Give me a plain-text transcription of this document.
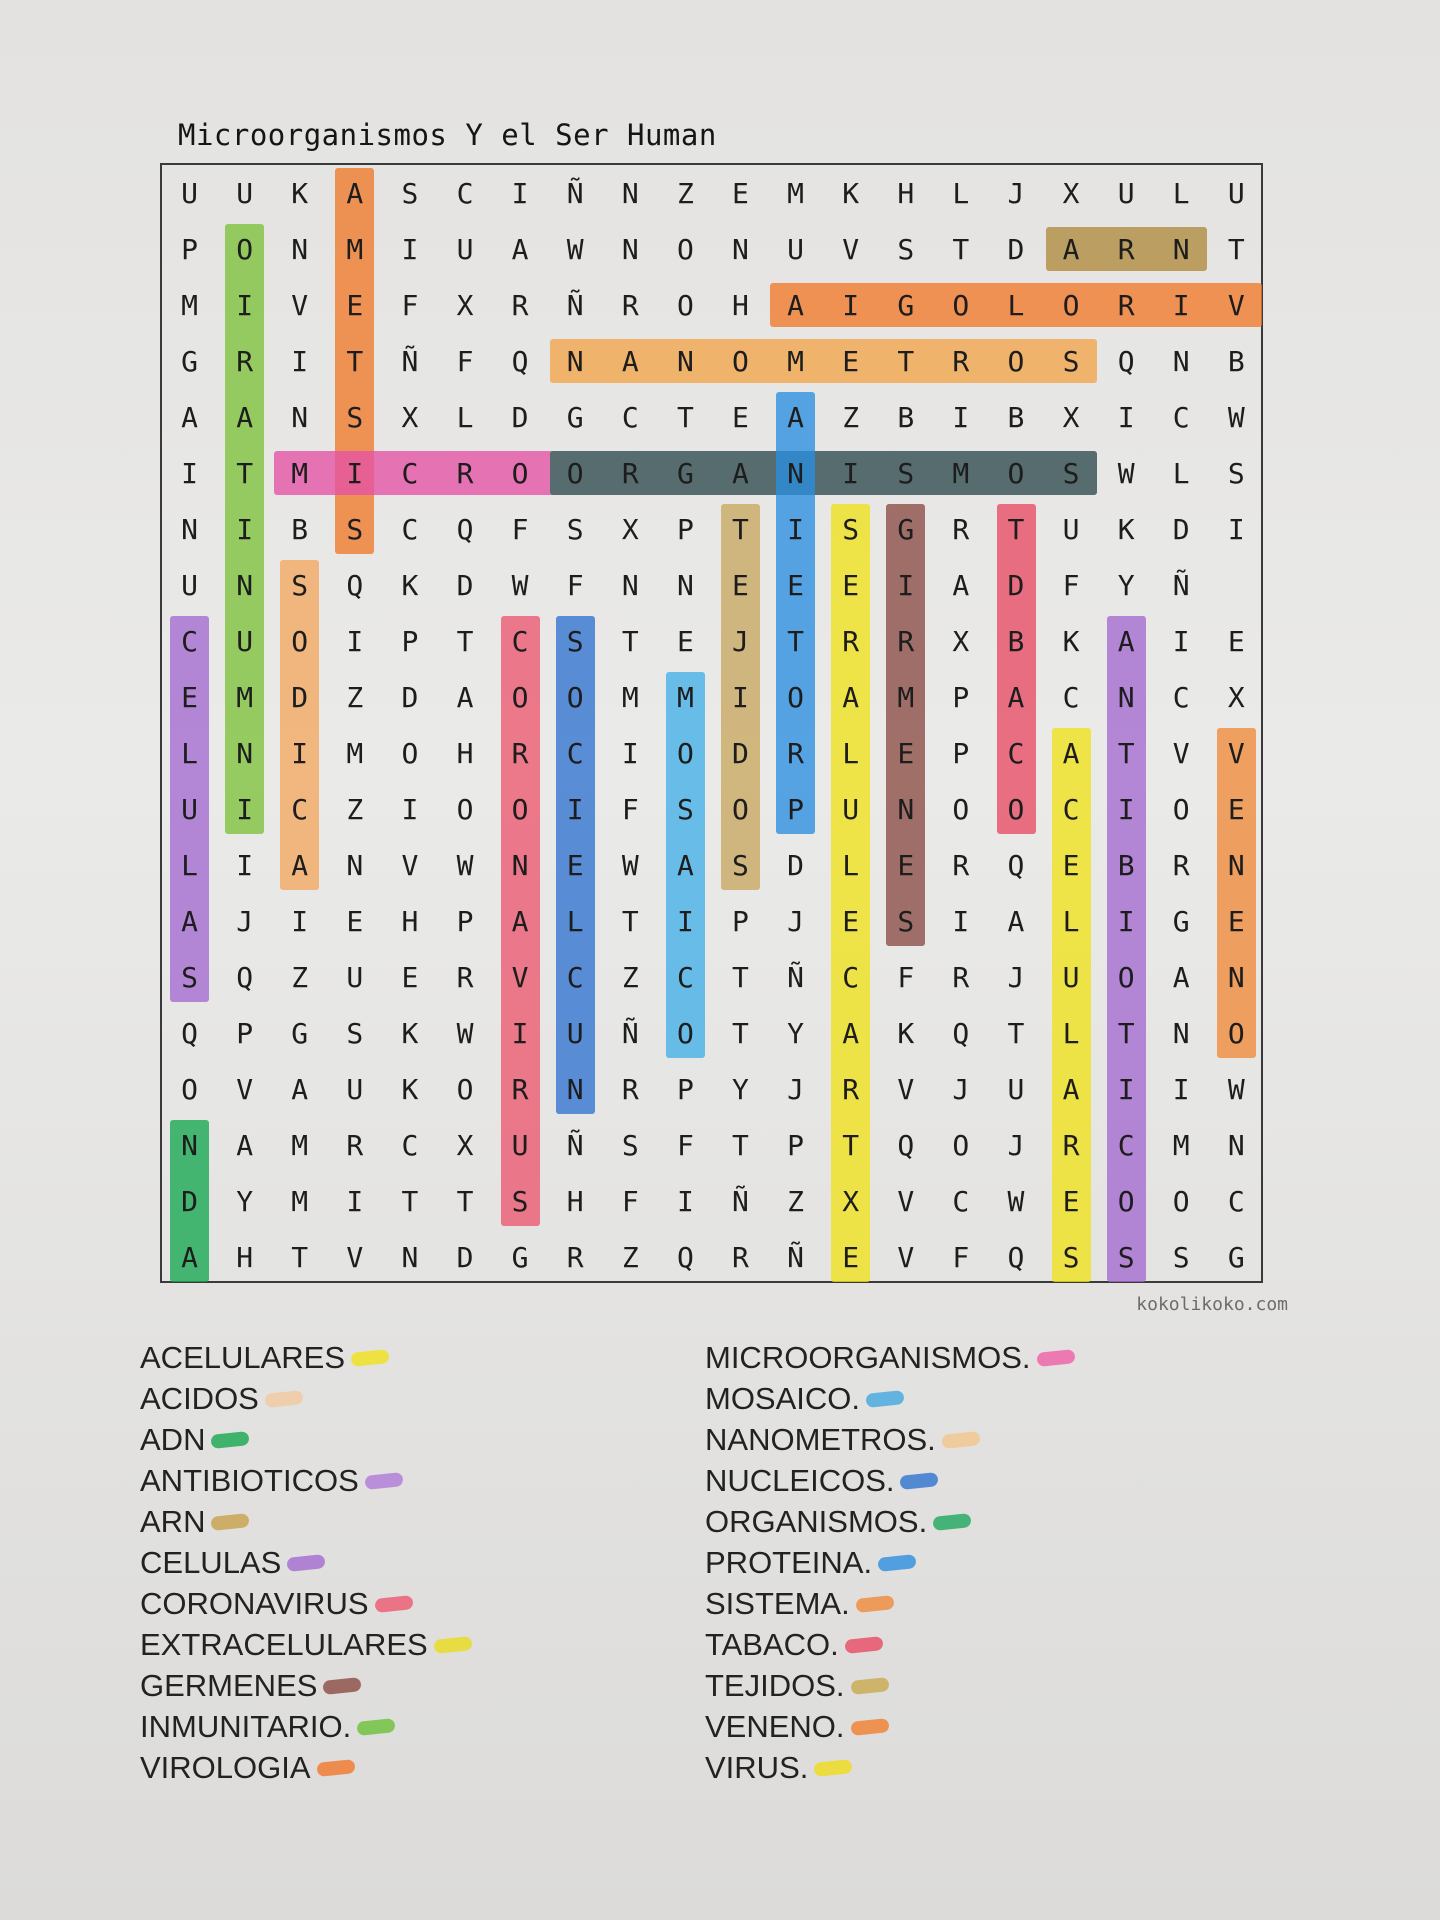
Microorganismos Y el Ser Human
U	U	K	A	S	C	I	Ñ	N	Z	E	M	K	H	L	J	X	U	L	U
P	O	N	M	I	U	A	W	N	O	N	U	V	S	T	D	A	R	N	T
M	I	V	E	F	X	R	Ñ	R	O	H	A	I	G	O	L	O	R	I	V
G	R	I	T	Ñ	F	Q	N	A	N	O	M	E	T	R	O	S	Q	N	B
A	A	N	S	X	L	D	G	C	T	E	A	Z	B	I	B	X	I	C	W
I	T	M	I	C	R	O	O	R	G	A	N	I	S	M	O	S	W	L	S
N	I	B	S	C	Q	F	S	X	P	T	I	S	G	R	T	U	K	D	I
U	N	S	Q	K	D	W	F	N	N	E	E	E	I	A	D	F	Y	Ñ
C	U	O	I	P	T	C	S	T	E	J	T	R	R	X	B	K	A	I	E
E	M	D	Z	D	A	O	O	M	M	I	O	A	M	P	A	C	N	C	X
L	N	I	M	O	H	R	C	I	O	D	R	L	E	P	C	A	T	V	V
U	I	C	Z	I	O	O	I	F	S	O	P	U	N	O	O	C	I	O	E
L	I	A	N	V	W	N	E	W	A	S	D	L	E	R	Q	E	B	R	N
A	J	I	E	H	P	A	L	T	I	P	J	E	S	I	A	L	I	G	E
S	Q	Z	U	E	R	V	C	Z	C	T	Ñ	C	F	R	J	U	O	A	N
Q	P	G	S	K	W	I	U	Ñ	O	T	Y	A	K	Q	T	L	T	N	O
O	V	A	U	K	O	R	N	R	P	Y	J	R	V	J	U	A	I	I	W
N	A	M	R	C	X	U	Ñ	S	F	T	P	T	Q	O	J	R	C	M	N
D	Y	M	I	T	T	S	H	F	I	Ñ	Z	X	V	C	W	E	O	O	C
A	H	T	V	N	D	G	R	Z	Q	R	Ñ	E	V	F	Q	S	S	S	G
kokolikoko.com
ACELULARES
ACIDOS
ADN
ANTIBIOTICOS
ARN
CELULAS
CORONAVIRUS
EXTRACELULARES
GERMENES
INMUNITARIO.
VIROLOGIA
MICROORGANISMOS.
MOSAICO.
NANOMETROS.
NUCLEICOS.
ORGANISMOS.
PROTEINA.
SISTEMA.
TABACO.
TEJIDOS.
VENENO.
VIRUS.
